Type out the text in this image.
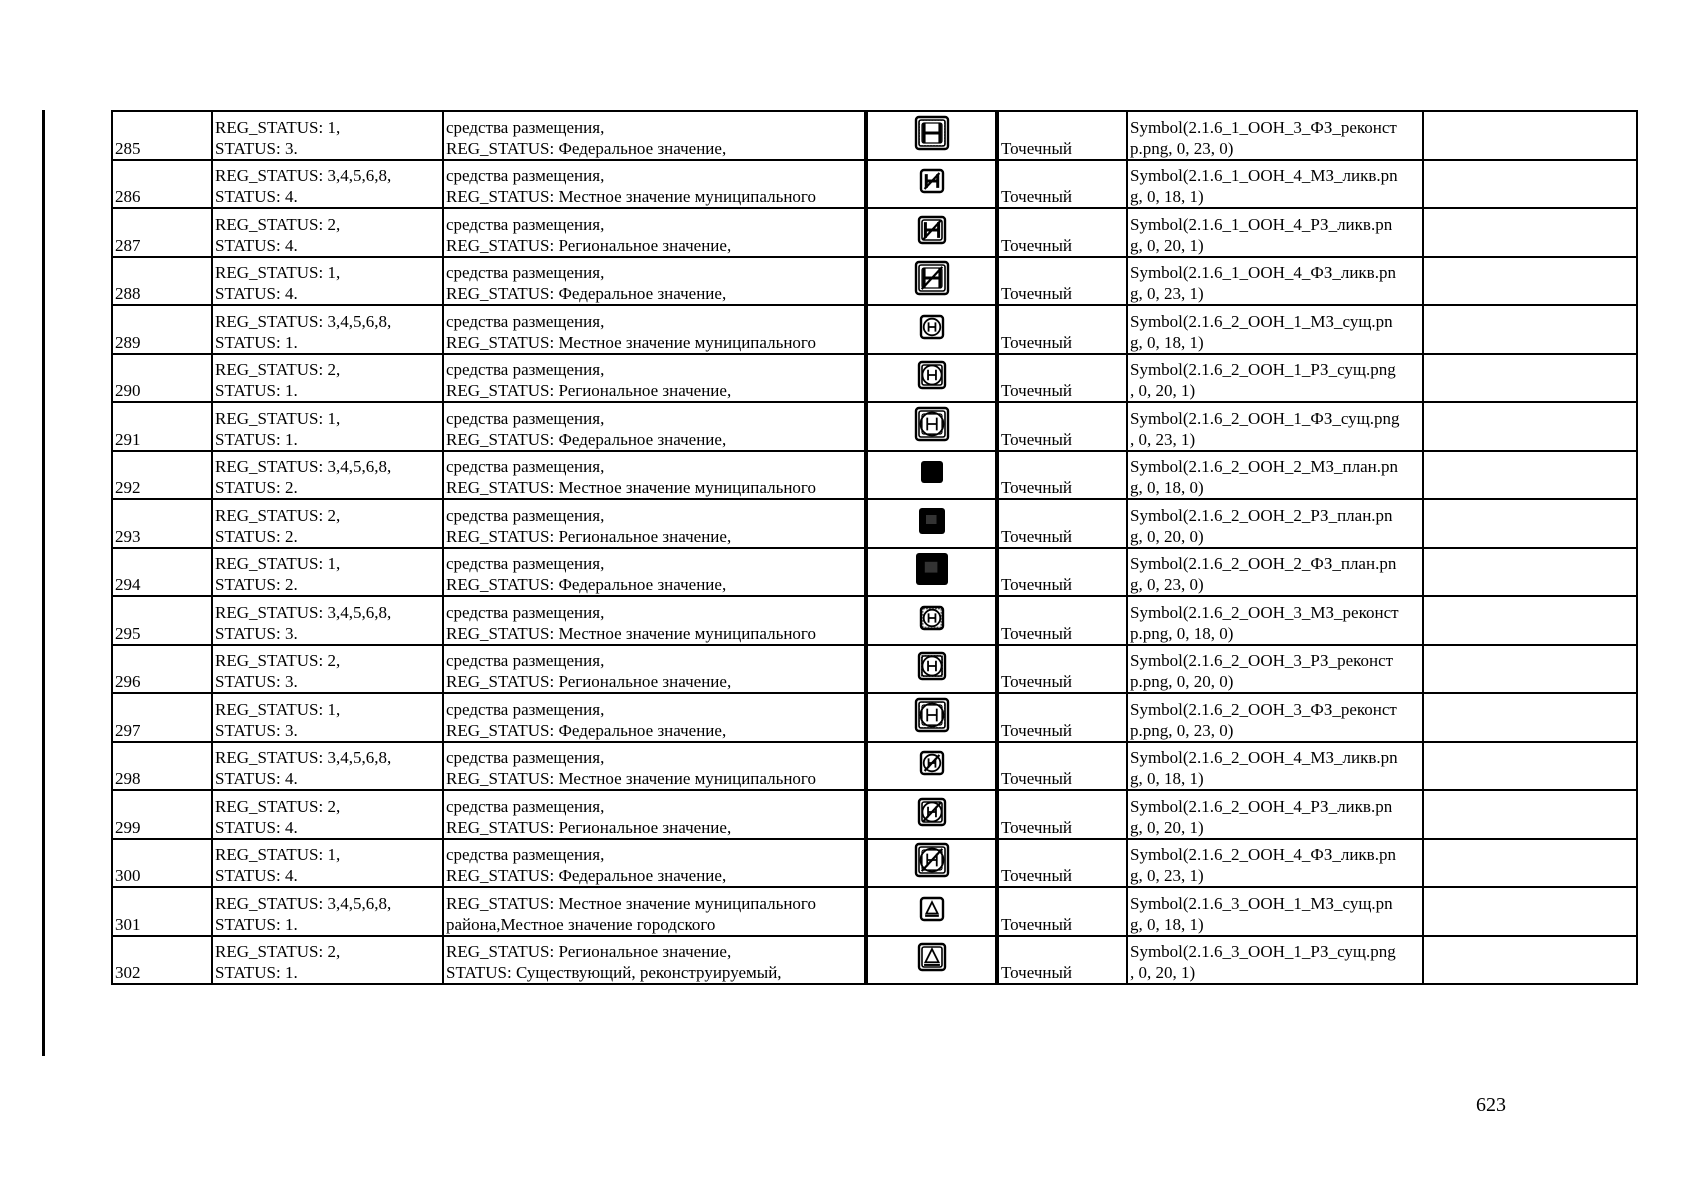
285	REG_STATUS: 1,
STATUS: 3.	средства размещения,
REG_STATUS: Федеральное значение,		Точечный	Symbol(2.1.6_1_ООН_3_ФЗ_реконст
p.png, 0, 23, 0)	

286	REG_STATUS: 3,4,5,6,8,
STATUS: 4.	средства размещения,
REG_STATUS: Местное значение муниципального		Точечный	Symbol(2.1.6_1_ООН_4_МЗ_ликв.pn
g, 0, 18, 1)	

287	REG_STATUS: 2,
STATUS: 4.	средства размещения,
REG_STATUS: Региональное значение,		Точечный	Symbol(2.1.6_1_ООН_4_РЗ_ликв.pn
g, 0, 20, 1)	

288	REG_STATUS: 1,
STATUS: 4.	средства размещения,
REG_STATUS: Федеральное значение,		Точечный	Symbol(2.1.6_1_ООН_4_ФЗ_ликв.pn
g, 0, 23, 1)	

289	REG_STATUS: 3,4,5,6,8,
STATUS: 1.	средства размещения,
REG_STATUS: Местное значение муниципального		Точечный	Symbol(2.1.6_2_ООН_1_МЗ_сущ.pn
g, 0, 18, 1)	

290	REG_STATUS: 2,
STATUS: 1.	средства размещения,
REG_STATUS: Региональное значение,		Точечный	Symbol(2.1.6_2_ООН_1_РЗ_сущ.png
, 0, 20, 1)	

291	REG_STATUS: 1,
STATUS: 1.	средства размещения,
REG_STATUS: Федеральное значение,		Точечный	Symbol(2.1.6_2_ООН_1_ФЗ_сущ.png
, 0, 23, 1)	

292	REG_STATUS: 3,4,5,6,8,
STATUS: 2.	средства размещения,
REG_STATUS: Местное значение муниципального		Точечный	Symbol(2.1.6_2_ООН_2_МЗ_план.pn
g, 0, 18, 0)	

293	REG_STATUS: 2,
STATUS: 2.	средства размещения,
REG_STATUS: Региональное значение,		Точечный	Symbol(2.1.6_2_ООН_2_РЗ_план.pn
g, 0, 20, 0)	

294	REG_STATUS: 1,
STATUS: 2.	средства размещения,
REG_STATUS: Федеральное значение,		Точечный	Symbol(2.1.6_2_ООН_2_ФЗ_план.pn
g, 0, 23, 0)	

295	REG_STATUS: 3,4,5,6,8,
STATUS: 3.	средства размещения,
REG_STATUS: Местное значение муниципального		Точечный	Symbol(2.1.6_2_ООН_3_МЗ_реконст
p.png, 0, 18, 0)	

296	REG_STATUS: 2,
STATUS: 3.	средства размещения,
REG_STATUS: Региональное значение,		Точечный	Symbol(2.1.6_2_ООН_3_РЗ_реконст
p.png, 0, 20, 0)	

297	REG_STATUS: 1,
STATUS: 3.	средства размещения,
REG_STATUS: Федеральное значение,		Точечный	Symbol(2.1.6_2_ООН_3_ФЗ_реконст
p.png, 0, 23, 0)	

298	REG_STATUS: 3,4,5,6,8,
STATUS: 4.	средства размещения,
REG_STATUS: Местное значение муниципального		Точечный	Symbol(2.1.6_2_ООН_4_МЗ_ликв.pn
g, 0, 18, 1)	

299	REG_STATUS: 2,
STATUS: 4.	средства размещения,
REG_STATUS: Региональное значение,		Точечный	Symbol(2.1.6_2_ООН_4_РЗ_ликв.pn
g, 0, 20, 1)	

300	REG_STATUS: 1,
STATUS: 4.	средства размещения,
REG_STATUS: Федеральное значение,		Точечный	Symbol(2.1.6_2_ООН_4_ФЗ_ликв.pn
g, 0, 23, 1)	

301	REG_STATUS: 3,4,5,6,8,
STATUS: 1.	REG_STATUS: Местное значение муниципального
района,Местное значение городского		Точечный	Symbol(2.1.6_3_ООН_1_МЗ_сущ.pn
g, 0, 18, 1)	

302	REG_STATUS: 2,
STATUS: 1.	REG_STATUS: Региональное значение,
STATUS: Существующий, реконструируемый,		Точечный	Symbol(2.1.6_3_ООН_1_РЗ_сущ.png
, 0, 20, 1)	

623
